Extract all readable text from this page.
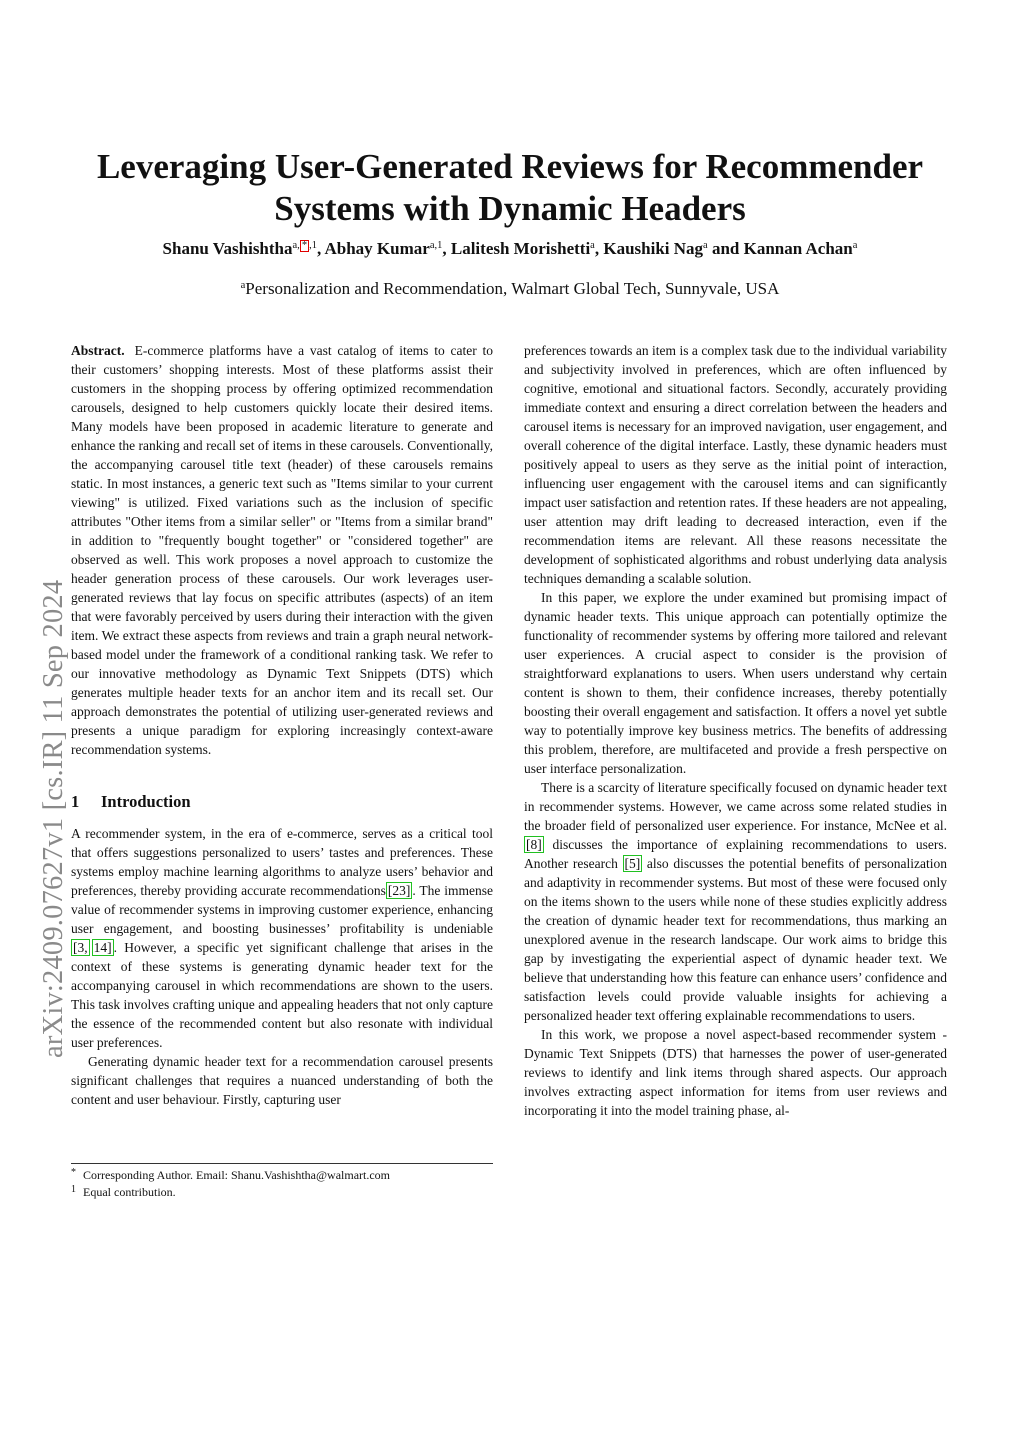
arXiv:2409.07627v1 [cs.IR] 11 Sep 2024
Leveraging User-Generated Reviews for Recommender Systems with Dynamic Headers
Shanu Vashishtha$^{a, * ,1}$, Abhay Kumar$^{a,1}$, Lalitesh Morishetti$^a$, Kaushiki Nag$^a$ and Kannan Achan$^a$
$^a$Personalization and Recommendation, Walmart Global Tech, Sunnyvale, USA

Abstract. E-commerce platforms have a vast catalog of items to cater to their customers’ shopping interests. Most of these platforms assist their customers in the shopping process by offering optimized recommendation carousels, designed to help customers quickly locate their desired items. Many models have been proposed in academic literature to generate and enhance the ranking and recall set of items in these carousels. Conventionally, the accompanying carousel title text (header) of these carousels remains static. In most instances, a generic text such as "Items similar to your current viewing" is utilized. Fixed variations such as the inclusion of specific attributes "Other items from a similar seller" or "Items from a similar brand" in addition to "frequently bought together" or "considered together" are observed as well. This work proposes a novel approach to customize the header generation process of these carousels. Our work leverages user-generated reviews that lay focus on specific attributes (aspects) of an item that were favorably perceived by users during their interaction with the given item. We extract these aspects from reviews and train a graph neural network-based model under the framework of a conditional ranking task. We refer to our innovative methodology as Dynamic Text Snippets (DTS) which generates multiple header texts for an anchor item and its recall set. Our approach demonstrates the potential of utilizing user-generated reviews and presents a unique paradigm for exploring increasingly context-aware recommendation systems.

1 Introduction

A recommender system, in the era of e-commerce, serves as a critical tool that offers suggestions personalized to users’ tastes and preferences. These systems employ machine learning algorithms to analyze users’ behavior and preferences, thereby providing accurate recommendations [23] . The immense value of recommender systems in improving customer experience, enhancing user engagement, and boosting businesses’ profitability is undeniable [3, 14] . However, a specific yet significant challenge that arises in the context of these systems is generating dynamic header text for the accompanying carousel in which recommendations are shown to the users. This task involves crafting unique and appealing headers that not only capture the essence of the recommended content but also resonate with individual user preferences.

Generating dynamic header text for a recommendation carousel presents significant challenges that requires a nuanced understanding of both the content and user behaviour. Firstly, capturing user

* Corresponding Author. Email: Shanu.Vashishtha@walmart.com

1 Equal contribution.

preferences towards an item is a complex task due to the individual variability and subjectivity involved in preferences, which are often influenced by cognitive, emotional and situational factors. Secondly, accurately providing immediate context and ensuring a direct correlation between the headers and carousel items is necessary for an improved navigation, user engagement, and overall coherence of the digital interface. Lastly, these dynamic headers must positively appeal to users as they serve as the initial point of interaction, influencing user engagement with the carousel items and can significantly impact user satisfaction and retention rates. If these headers are not appealing, user attention may drift leading to decreased interaction, even if the recommendation items are relevant. All these reasons necessitate the development of sophisticated algorithms and robust underlying data analysis techniques demanding a scalable solution.

In this paper, we explore the under examined but promising impact of dynamic header texts. This unique approach can potentially optimize the functionality of recommender systems by offering more tailored and relevant user experiences. A crucial aspect to consider is the provision of straightforward explanations to users. When users understand why certain content is shown to them, their confidence increases, thereby potentially boosting their overall engagement and satisfaction. It offers a novel yet subtle way to potentially improve key business metrics. The benefits of addressing this problem, therefore, are multifaceted and provide a fresh perspective on user interface personalization.

There is a scarcity of literature specifically focused on dynamic header text in recommender systems. However, we came across some related studies in the broader field of personalized user experience. For instance, McNee et al. [8] discusses the importance of explaining recommendations to users. Another research [5] also discusses the potential benefits of personalization and adaptivity in recommender systems. But most of these were focused only on the items shown to the users while none of these studies explicitly address the creation of dynamic header text for recommendations, thus marking an unexplored avenue in the research landscape. Our work aims to bridge this gap by investigating the experiential aspect of dynamic header text. We believe that understanding how this feature can enhance users’ confidence and satisfaction levels could provide valuable insights for achieving a personalized header text offering explainable recommendations to users.

In this work, we propose a novel aspect-based recommender system - Dynamic Text Snippets (DTS) that harnesses the power of user-generated reviews to identify and link items through shared aspects. Our approach involves extracting aspect information for items from user reviews and incorporating it into the model training phase, al-
